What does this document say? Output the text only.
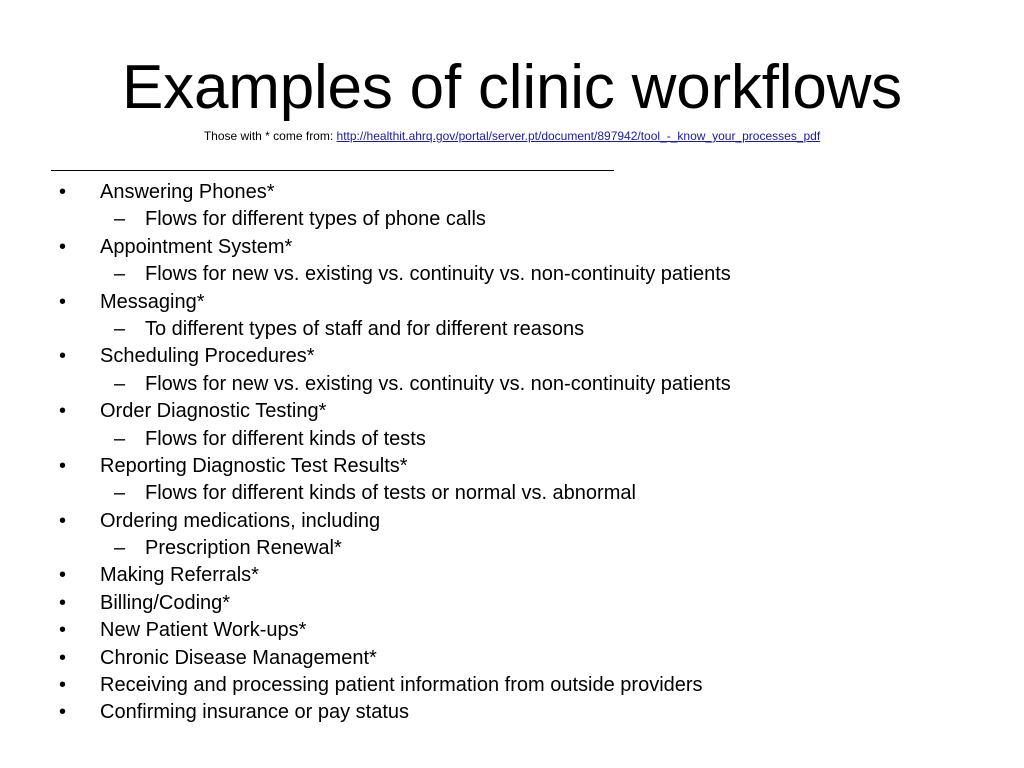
Examples of clinic workflows
Those with * come from: http://healthit.ahrq.gov/portal/server.pt/document/897942/tool_-_know_your_processes_pdf
• Answering Phones*
– Flows for different types of phone calls
• Appointment System*
– Flows for new vs. existing vs. continuity vs. non-continuity patients
• Messaging*
– To different types of staff and for different reasons
• Scheduling Procedures*
– Flows for new vs. existing vs. continuity vs. non-continuity patients
• Order Diagnostic Testing*
– Flows for different kinds of tests
• Reporting Diagnostic Test Results*
– Flows for different kinds of tests or normal vs. abnormal
• Ordering medications, including
– Prescription Renewal*
• Making Referrals*
• Billing/Coding*
• New Patient Work-ups*
• Chronic Disease Management*
• Receiving and processing patient information from outside providers
• Confirming insurance or pay status
